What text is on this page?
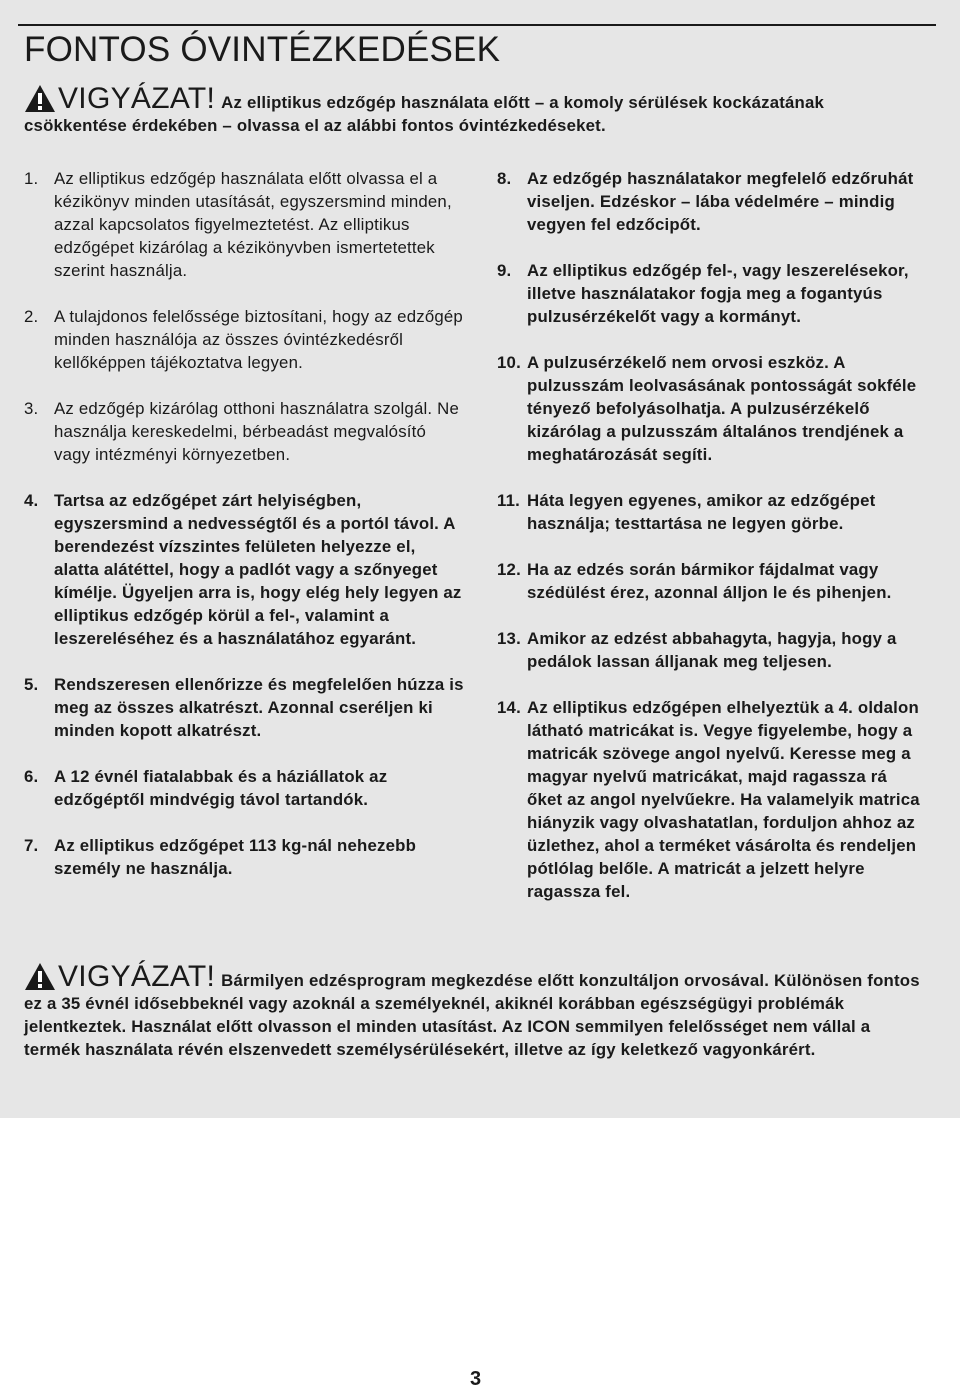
FONTOS ÓVINTÉZKEDÉSEK
VIGYÁZAT! Az elliptikus edzőgép használata előtt – a komoly sérülések kockázatának csökkentése érdekében – olvassa el az alábbi fontos óvintézkedéseket.
1. Az elliptikus edzőgép használata előtt olvassa el a kézikönyv minden utasítását, egyszersmind minden, azzal kapcsolatos figyelmeztetést. Az elliptikus edzőgépet kizárólag a kézikönyvben ismertetettek szerint használja.
2. A tulajdonos felelőssége biztosítani, hogy az edzőgép minden használója az összes óvintézkedésről kellőképpen tájékoztatva legyen.
3. Az edzőgép kizárólag otthoni használatra szolgál. Ne használja kereskedelmi, bérbeadást megvalósító vagy intézményi környezetben.
4. Tartsa az edzőgépet zárt helyiségben, egyszersmind a nedvességtől és a portól távol. A berendezést vízszintes felületen helyezze el, alatta alátéttel, hogy a padlót vagy a szőnyeget kímélje. Ügyeljen arra is, hogy elég hely legyen az elliptikus edzőgép körül a fel-, valamint a leszereléséhez és a használatához egyaránt.
5. Rendszeresen ellenőrizze és megfelelően húzza is meg az összes alkatrészt. Azonnal cseréljen ki minden kopott alkatrészt.
6. A 12 évnél fiatalabbak és a háziállatok az edzőgéptől mindvégig távol tartandók.
7. Az elliptikus edzőgépet 113 kg-nál nehezebb személy ne használja.
8. Az edzőgép használatakor megfelelő edzőruhát viseljen. Edzéskor – lába védelmére – mindig vegyen fel edzőcipőt.
9. Az elliptikus edzőgép fel-, vagy leszerelésekor, illetve használatakor fogja meg a fogantyús pulzusérzékelőt vagy a kormányt.
10. A pulzusérzékelő nem orvosi eszköz. A pulzusszám leolvasásának pontosságát sokféle tényező befolyásolhatja. A pulzusérzékelő kizárólag a pulzusszám általános trendjének a meghatározását segíti.
11. Háta legyen egyenes, amikor az edzőgépet használja; testtartása ne legyen görbe.
12. Ha az edzés során bármikor fájdalmat vagy szédülést érez, azonnal álljon le és pihenjen.
13. Amikor az edzést abbahagyta, hagyja, hogy a pedálok lassan álljanak meg teljesen.
14. Az elliptikus edzőgépen elhelyeztük a 4. oldalon látható matricákat is. Vegye figyelembe, hogy a matricák szövege angol nyelvű. Keresse meg a magyar nyelvű matricákat, majd ragassza rá őket az angol nyelvűekre. Ha valamelyik matrica hiányzik vagy olvashatatlan, forduljon ahhoz az üzlethez, ahol a terméket vásárolta és rendeljen pótlólag belőle. A matricát a jelzett helyre ragassza fel.
VIGYÁZAT! Bármilyen edzésprogram megkezdése előtt konzultáljon orvosával. Különösen fontos ez a 35 évnél idősebbeknél vagy azoknál a személyeknél, akiknél korábban egészségügyi problémák jelentkeztek. Használat előtt olvasson el minden utasítást. Az ICON semmilyen felelősséget nem vállal a termék használata révén elszenvedett személysérülésekért, illetve az így keletkező vagyonkárért.
3
